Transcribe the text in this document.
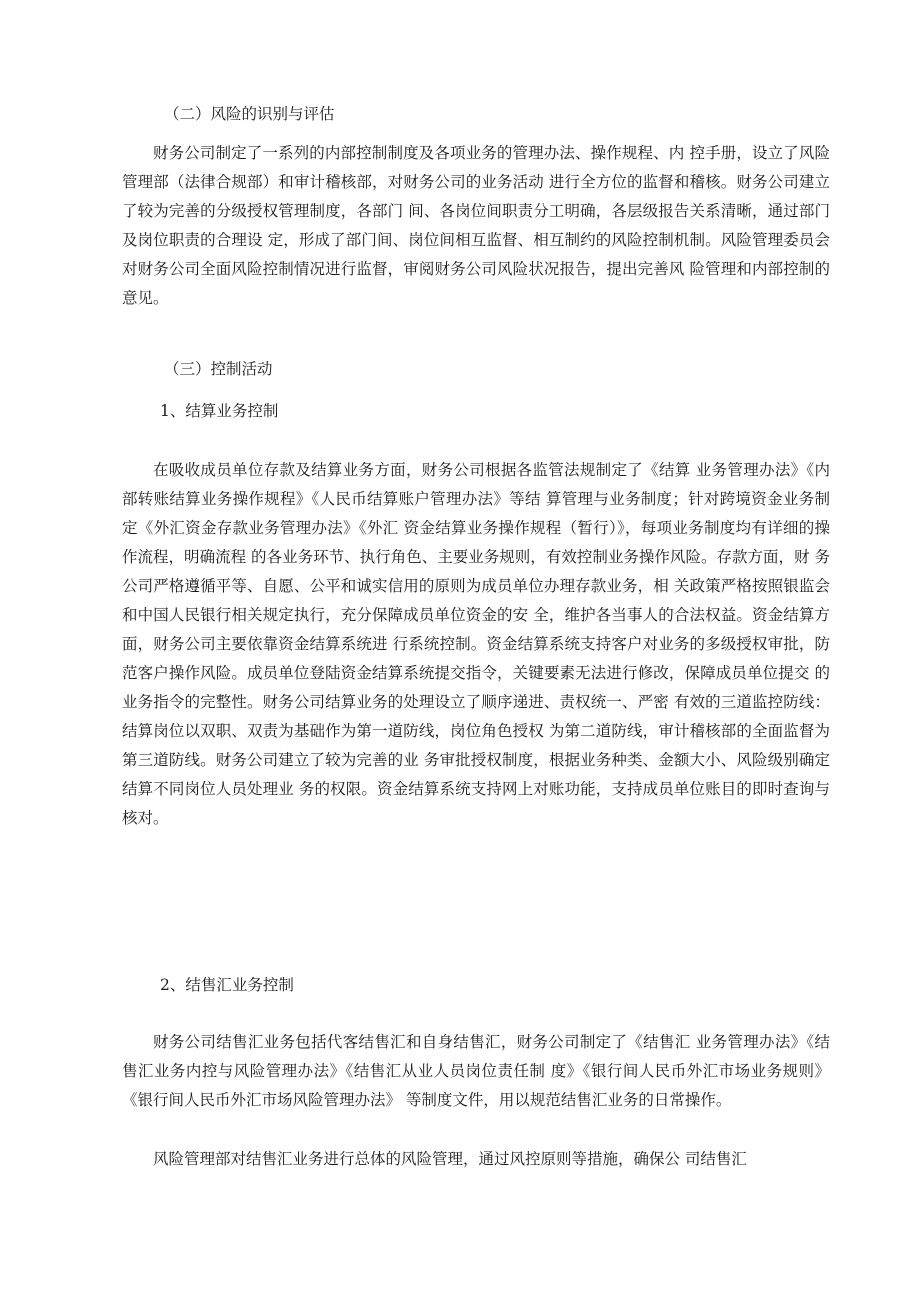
（二）风险的识别与评估

财务公司制定了一系列的内部控制制度及各项业务的管理办法、操作规程、内 控手册，设立了风险管理部（法律合规部）和审计稽核部，对财务公司的业务活动 进行全方位的监督和稽核。财务公司建立了较为完善的分级授权管理制度，各部门 间、各岗位间职责分工明确，各层级报告关系清晰，通过部门及岗位职责的合理设 定，形成了部门间、岗位间相互监督、相互制约的风险控制机制。风险管理委员会 对财务公司全面风险控制情况进行监督，审阅财务公司风险状况报告，提出完善风 险管理和内部控制的意见。

（三）控制活动
1、结算业务控制

在吸收成员单位存款及结算业务方面，财务公司根据各监管法规制定了《结算 业务管理办法》《内部转账结算业务操作规程》《人民币结算账户管理办法》等结 算管理与业务制度；针对跨境资金业务制定《外汇资金存款业务管理办法》《外汇 资金结算业务操作规程（暂行）》，每项业务制度均有详细的操作流程，明确流程 的各业务环节、执行角色、主要业务规则，有效控制业务操作风险。存款方面，财 务公司严格遵循平等、自愿、公平和诚实信用的原则为成员单位办理存款业务，相 关政策严格按照银监会和中国人民银行相关规定执行，充分保障成员单位资金的安 全，维护各当事人的合法权益。资金结算方面，财务公司主要依靠资金结算系统进 行系统控制。资金结算系统支持客户对业务的多级授权审批，防范客户操作风险。成员单位登陆资金结算系统提交指令，关键要素无法进行修改，保障成员单位提交 的业务指令的完整性。财务公司结算业务的处理设立了顺序递进、责权统一、严密 有效的三道监控防线：结算岗位以双职、双责为基础作为第一道防线，岗位角色授权 为第二道防线，审计稽核部的全面监督为第三道防线。财务公司建立了较为完善的业 务审批授权制度，根据业务种类、金额大小、风险级别确定结算不同岗位人员处理业 务的权限。资金结算系统支持网上对账功能，支持成员单位账目的即时查询与核对。

2、结售汇业务控制

财务公司结售汇业务包括代客结售汇和自身结售汇，财务公司制定了《结售汇 业务管理办法》《结售汇业务内控与风险管理办法》《结售汇从业人员岗位责任制 度》《银行间人民币外汇市场业务规则》《银行间人民币外汇市场风险管理办法》 等制度文件，用以规范结售汇业务的日常操作。

风险管理部对结售汇业务进行总体的风险管理，通过风控原则等措施，确保公 司结售汇
